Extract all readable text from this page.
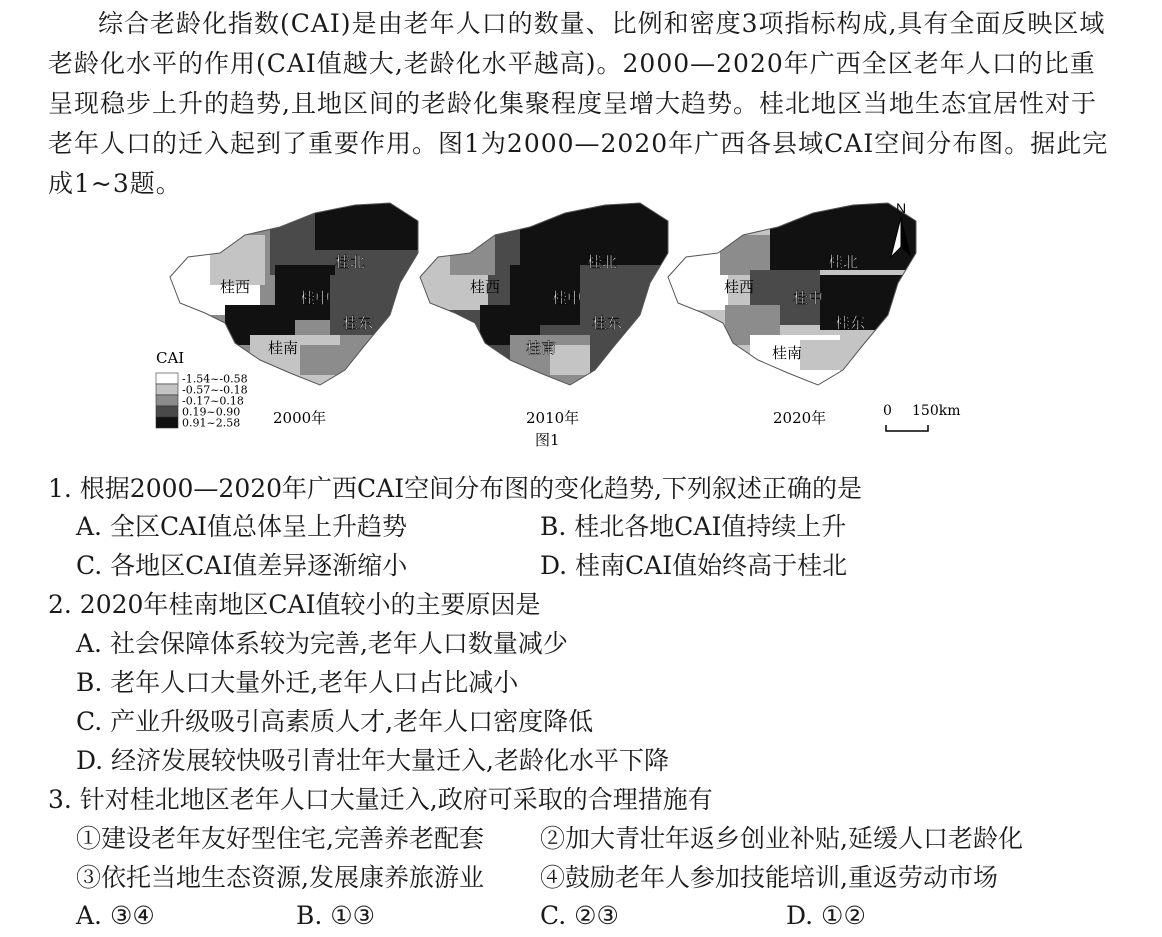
综合老龄化指数(CAI)是由老年人口的数量、比例和密度3项指标构成,具有全面反映区域老龄化水平的作用(CAI值越大,老龄化水平越高)。2000—2020年广西全区老年人口的比重呈现稳步上升的趋势,且地区间的老龄化集聚程度呈增大趋势。桂北地区当地生态宜居性对于老年人口的迁入起到了重要作用。图1为2000—2020年广西各县域CAI空间分布图。据此完成1~3题。

桂北
桂西
桂中
桂东
桂南
桂北
桂西
桂中
桂东
桂南
桂北
桂西
桂中
桂东
桂南
CAI
-1.54~-0.58
-0.57~-0.18
-0.17~0.18
0.19~0.90
0.91~2.58 2000年	2010年	2020年
图1
N
0 150km
1. 根据2000—2020年广西CAI空间分布图的变化趋势,下列叙述正确的是
A. 全区CAI值总体呈上升趋势	B. 桂北各地CAI值持续上升
C. 各地区CAI值差异逐渐缩小	D. 桂南CAI值始终高于桂北
2. 2020年桂南地区CAI值较小的主要原因是
A. 社会保障体系较为完善,老年人口数量减少
B. 老年人口大量外迁,老年人口占比减小
C. 产业升级吸引高素质人才,老年人口密度降低
D. 经济发展较快吸引青壮年大量迁入,老龄化水平下降
3. 针对桂北地区老年人口大量迁入,政府可采取的合理措施有
①建设老年友好型住宅,完善养老配套 ②加大青壮年返乡创业补贴,延缓人口老龄化
③依托当地生态资源,发展康养旅游业 ④鼓励老年人参加技能培训,重返劳动市场
A. ③④	B. ①③	C. ②③	D. ①②
